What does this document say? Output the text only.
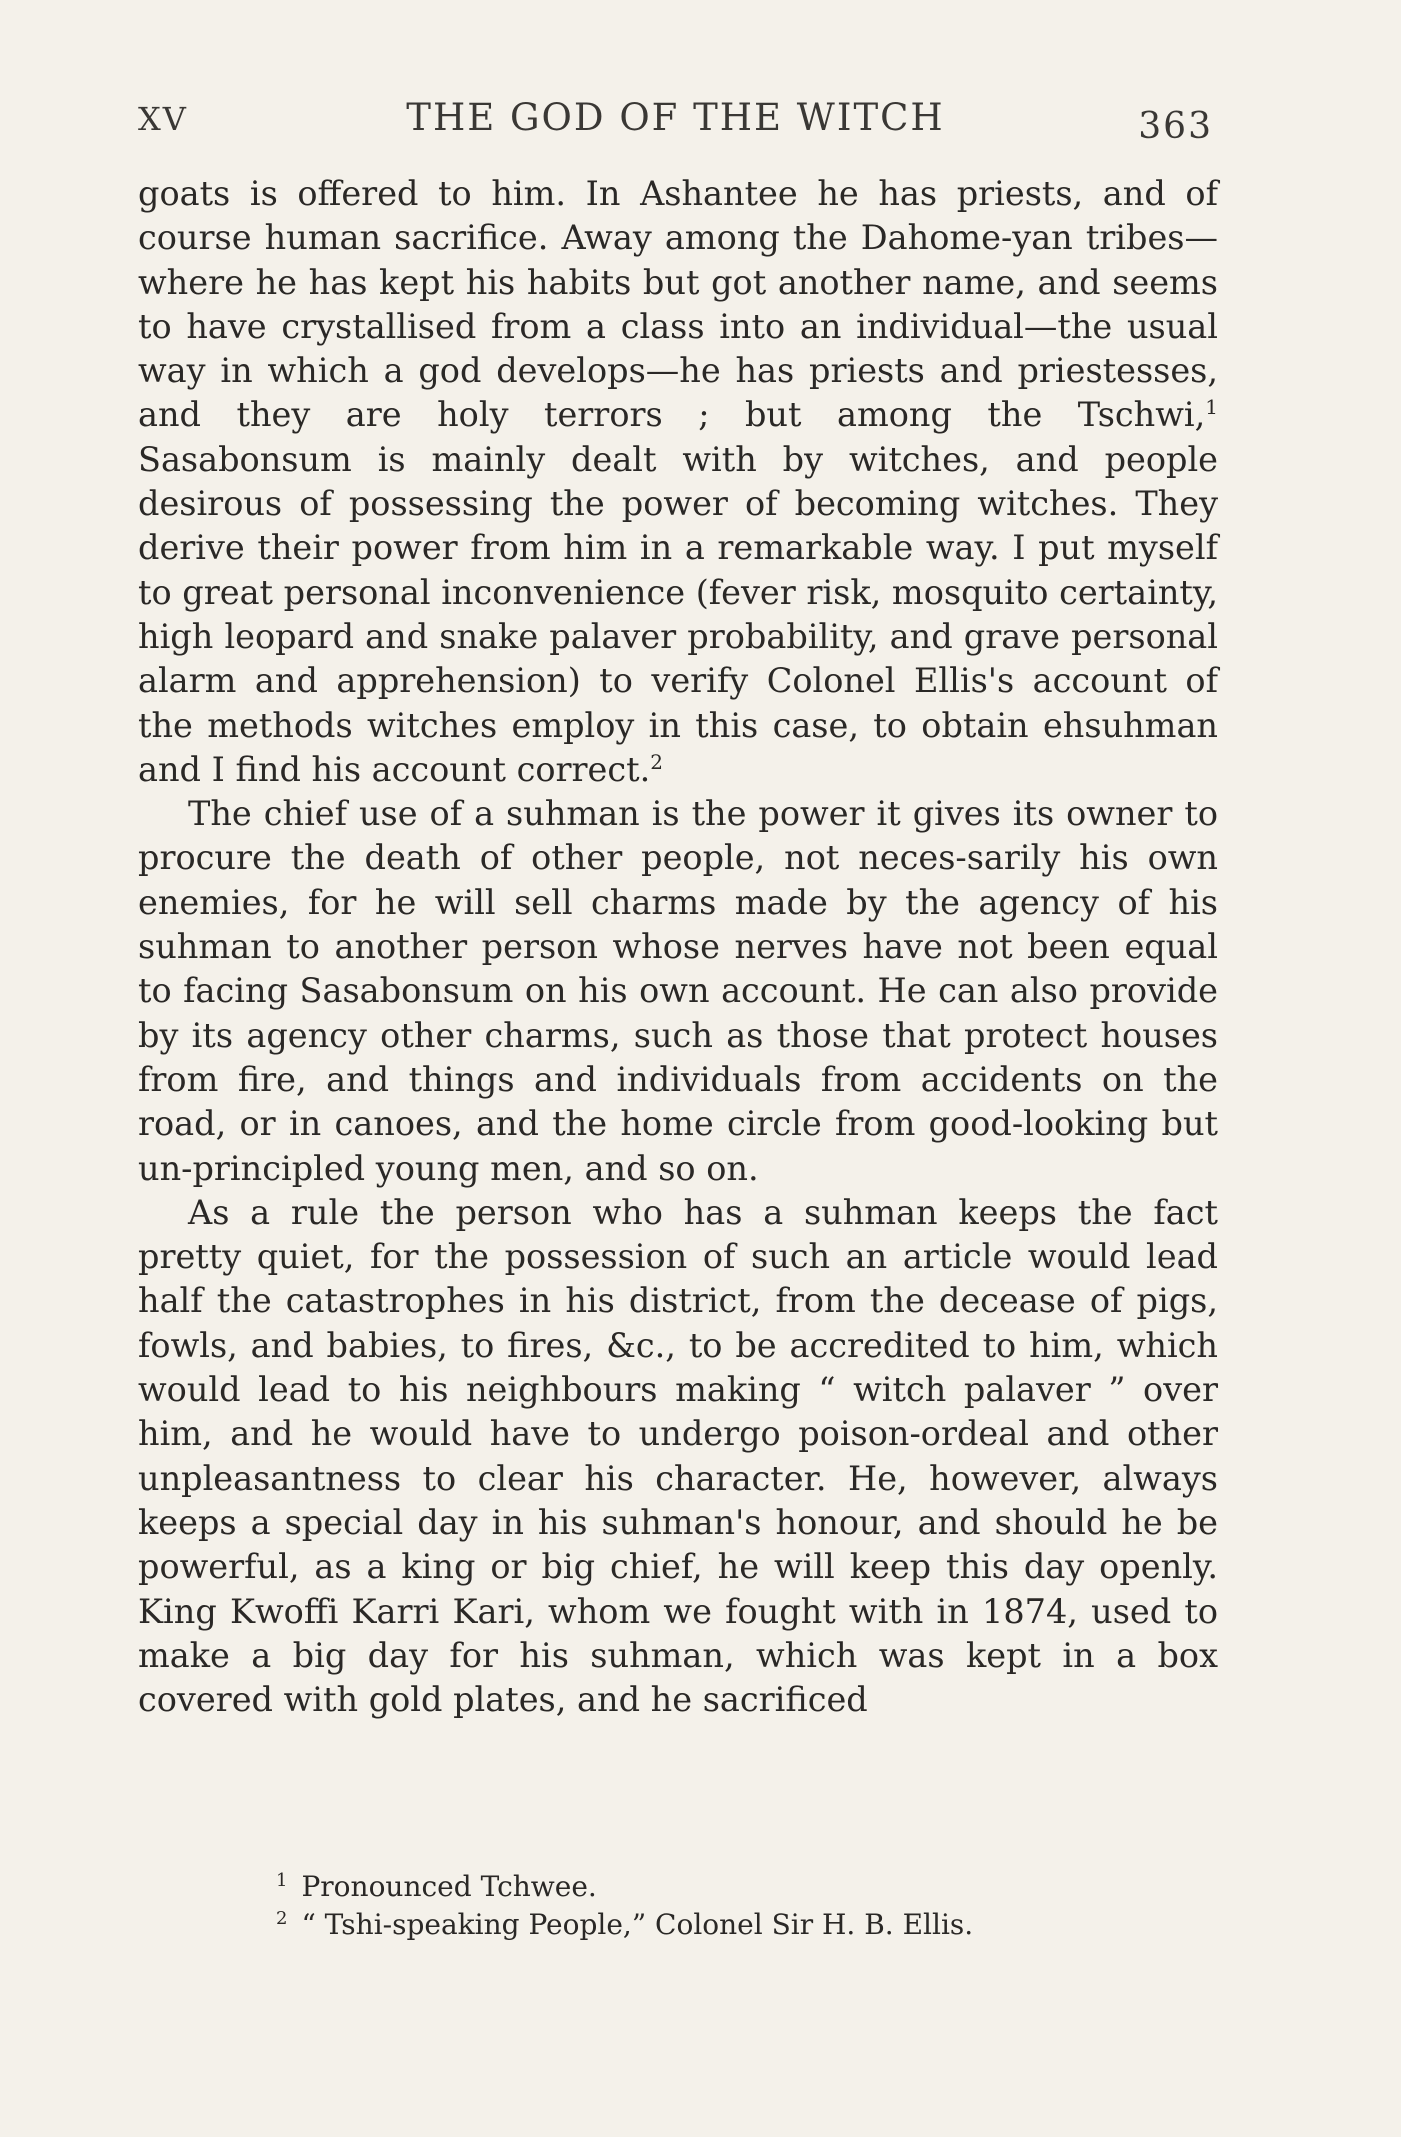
XV	THE GOD OF THE WITCH	363

goats is offered to him. In Ashantee he has priests, and of course human sacrifice. Away among the Dahome-yan tribes—where he has kept his habits but got another name, and seems to have crystallised from a class into an individual—the usual way in which a god develops—he has priests and priestesses, and they are holy terrors ; but among the Tschwi,$^1$ Sasabonsum is mainly dealt with by witches, and people desirous of possessing the power of becoming witches. They derive their power from him in a remarkable way. I put myself to great personal inconvenience (fever risk, mosquito certainty, high leopard and snake palaver probability, and grave personal alarm and apprehension) to verify Colonel Ellis's account of the methods witches employ in this case, to obtain ehsuhman and I find his account correct.$^2$

The chief use of a suhman is the power it gives its owner to procure the death of other people, not neces-sarily his own enemies, for he will sell charms made by the agency of his suhman to another person whose nerves have not been equal to facing Sasabonsum on his own account. He can also provide by its agency other charms, such as those that protect houses from fire, and things and individuals from accidents on the road, or in canoes, and the home circle from good-looking but un-principled young men, and so on.

As a rule the person who has a suhman keeps the fact pretty quiet, for the possession of such an article would lead half the catastrophes in his district, from the decease of pigs, fowls, and babies, to fires, &c., to be accredited to him, which would lead to his neighbours making “ witch palaver ” over him, and he would have to undergo poison-ordeal and other unpleasantness to clear his character. He, however, always keeps a special day in his suhman's honour, and should he be powerful, as a king or big chief, he will keep this day openly. King Kwoffi Karri Kari, whom we fought with in 1874, used to make a big day for his suhman, which was kept in a box covered with gold plates, and he sacrificed

$^1$ Pronounced Tchwee.

$^2$ “ Tshi-speaking People,” Colonel Sir H. B. Ellis.
